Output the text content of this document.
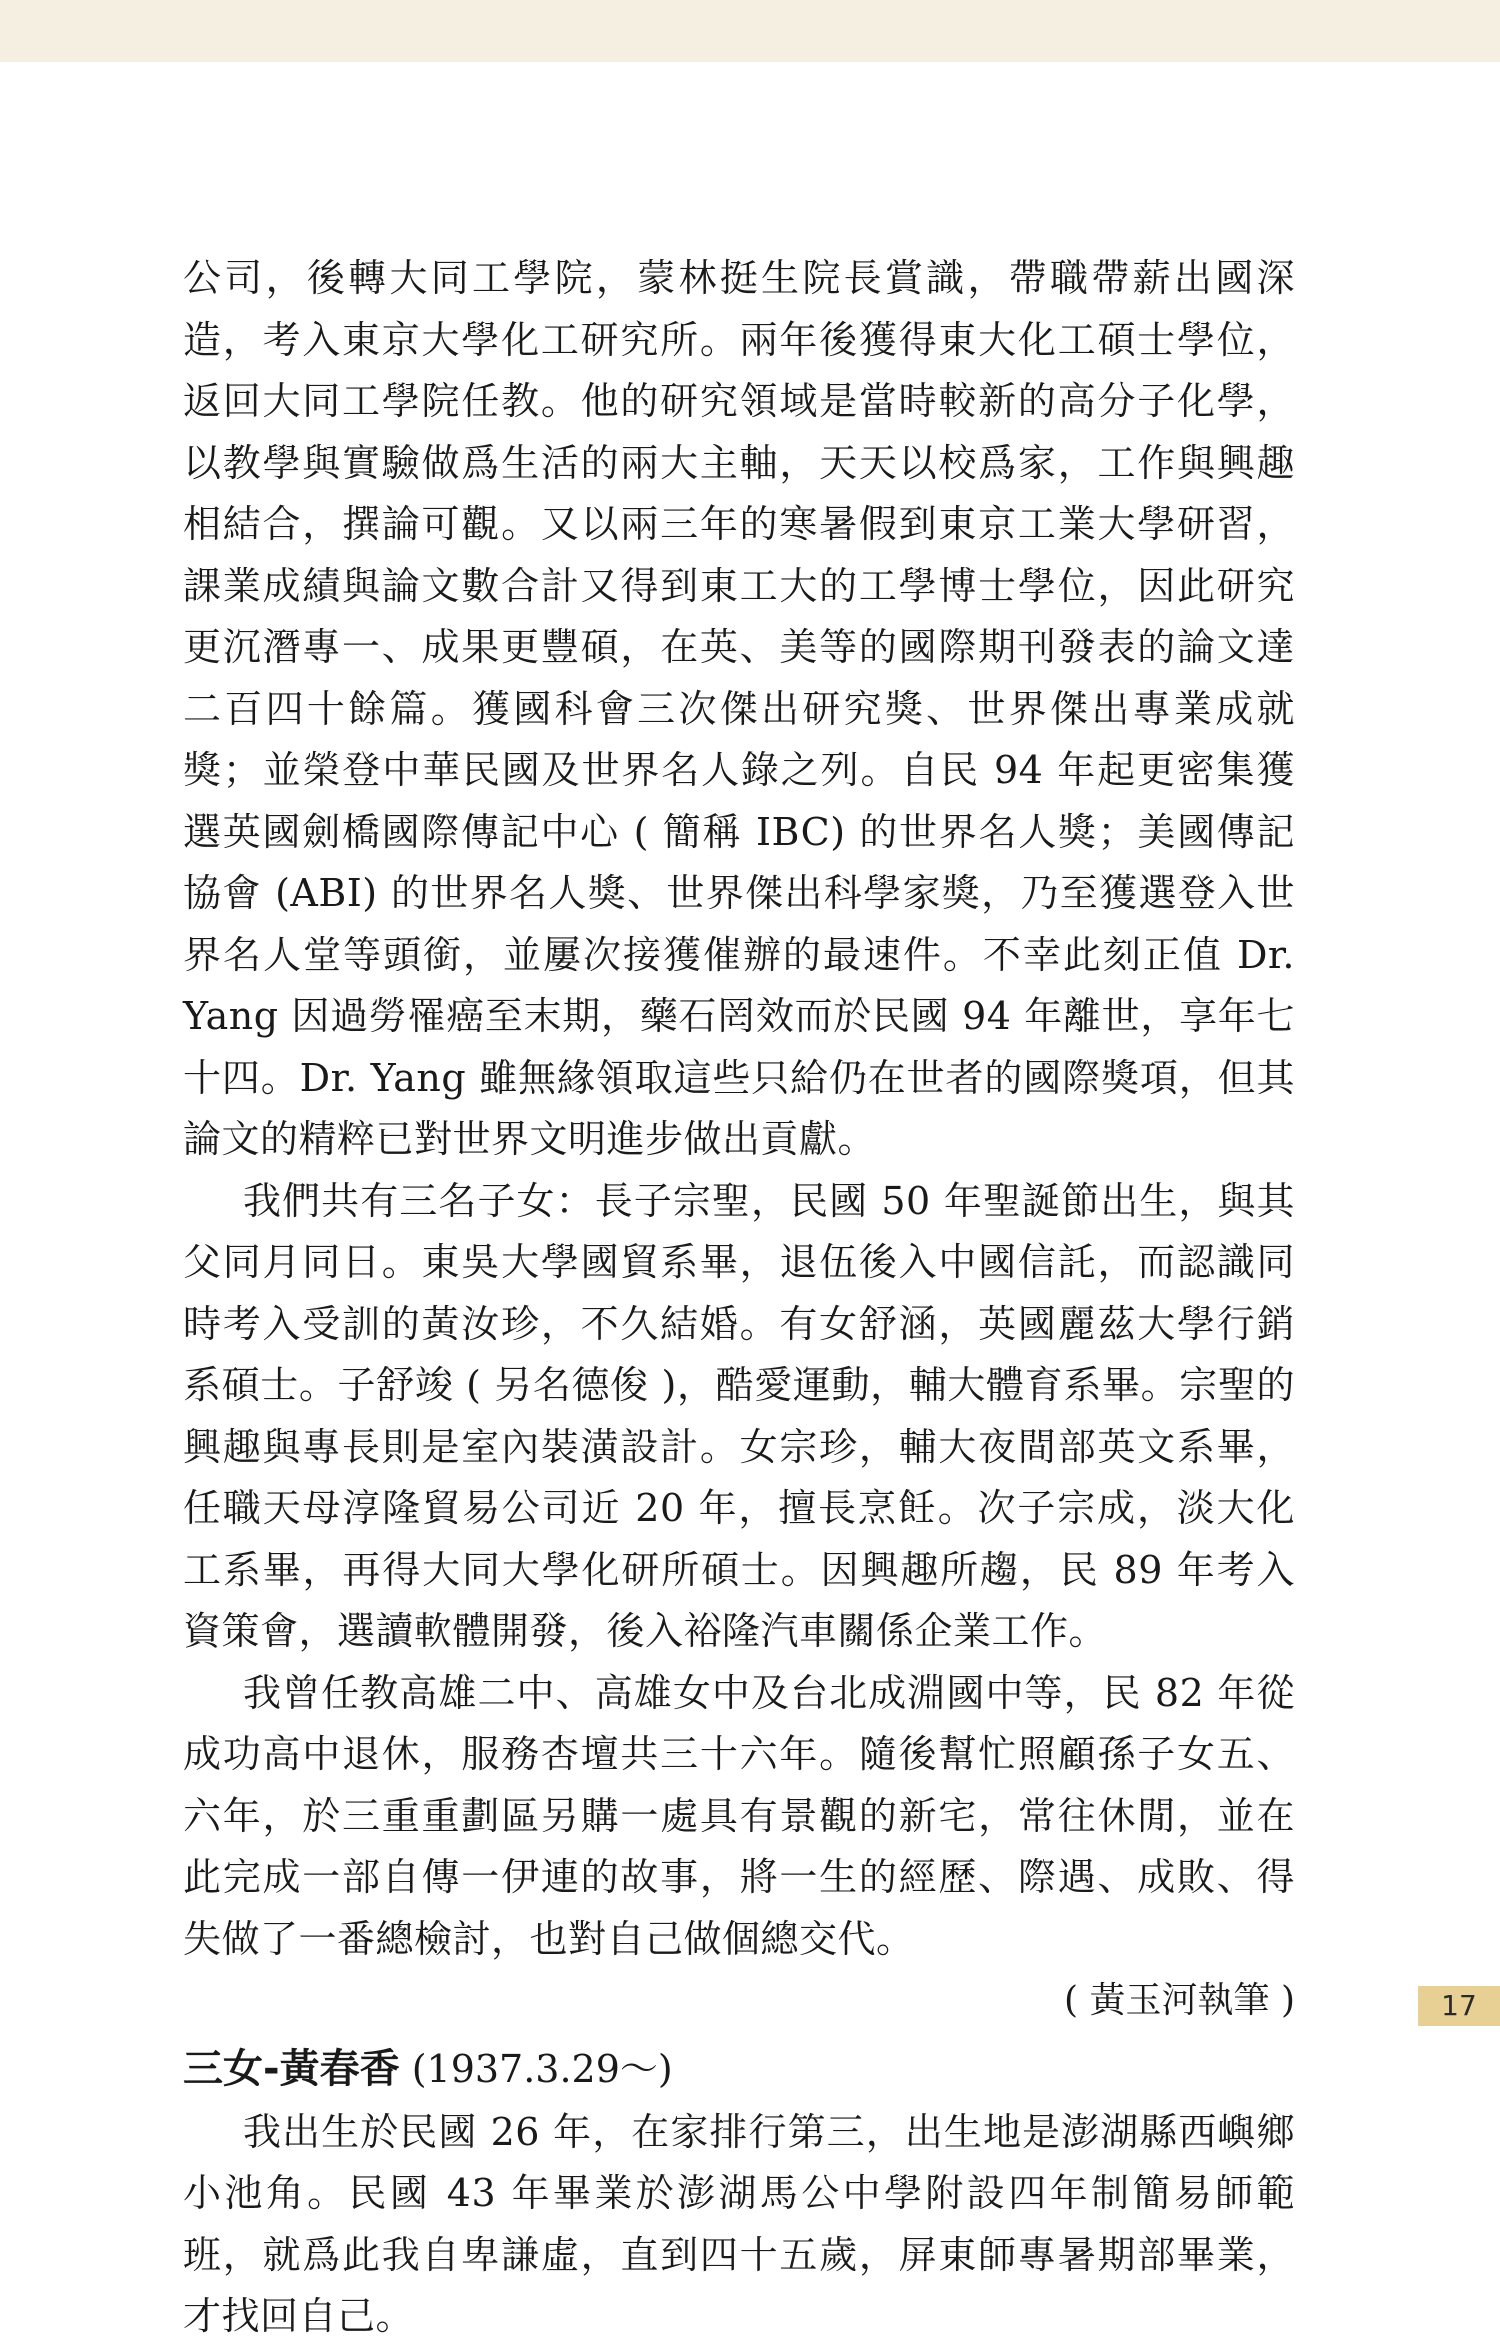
公司，後轉大同工學院，蒙林挺生院長賞識，帶職帶薪出國深造，考入東京大學化工研究所。兩年後獲得東大化工碩士學位，返回大同工學院任教。他的研究領域是當時較新的高分子化學，以教學與實驗做爲生活的兩大主軸，天天以校爲家，工作與興趣相結合，撰論可觀。又以兩三年的寒暑假到東京工業大學研習，課業成績與論文數合計又得到東工大的工學博士學位，因此研究更沉潛專一、成果更豐碩，在英、美等的國際期刊發表的論文達二百四十餘篇。獲國科會三次傑出研究獎、世界傑出專業成就獎；並榮登中華民國及世界名人錄之列。自民 94 年起更密集獲選英國劍橋國際傳記中心 ( 簡稱 IBC) 的世界名人獎；美國傳記協會 (ABI) 的世界名人獎、世界傑出科學家獎，乃至獲選登入世界名人堂等頭銜，並屢次接獲催辦的最速件。不幸此刻正值 Dr. Yang 因過勞罹癌至末期，藥石罔效而於民國 94 年離世，享年七十四。Dr. Yang 雖無緣領取這些只給仍在世者的國際獎項，但其論文的精粹已對世界文明進步做出貢獻。

我們共有三名子女：長子宗聖，民國 50 年聖誕節出生，與其父同月同日。東吳大學國貿系畢，退伍後入中國信託，而認識同時考入受訓的黃汝珍，不久結婚。有女舒涵，英國麗茲大學行銷系碩士。子舒竣 ( 另名德俊 )，酷愛運動，輔大體育系畢。宗聖的興趣與專長則是室內裝潢設計。女宗珍，輔大夜間部英文系畢，任職天母淳隆貿易公司近 20 年，擅長烹飪。次子宗成，淡大化工系畢，再得大同大學化研所碩士。因興趣所趨，民 89 年考入資策會，選讀軟體開發，後入裕隆汽車關係企業工作。

我曾任教高雄二中、高雄女中及台北成淵國中等，民 82 年從成功高中退休，服務杏壇共三十六年。隨後幫忙照顧孫子女五、六年，於三重重劃區另購一處具有景觀的新宅，常往休閒，並在此完成一部自傳一伊連的故事，將一生的經歷、際遇、成敗、得失做了一番總檢討，也對自己做個總交代。

( 黃玉河執筆 )

三女-黃春香 (1937.3.29～)

我出生於民國 26 年，在家排行第三，出生地是澎湖縣西嶼鄉小池角。民國 43 年畢業於澎湖馬公中學附設四年制簡易師範班，就爲此我自卑謙虛，直到四十五歲，屏東師專暑期部畢業，才找回自己。

17
